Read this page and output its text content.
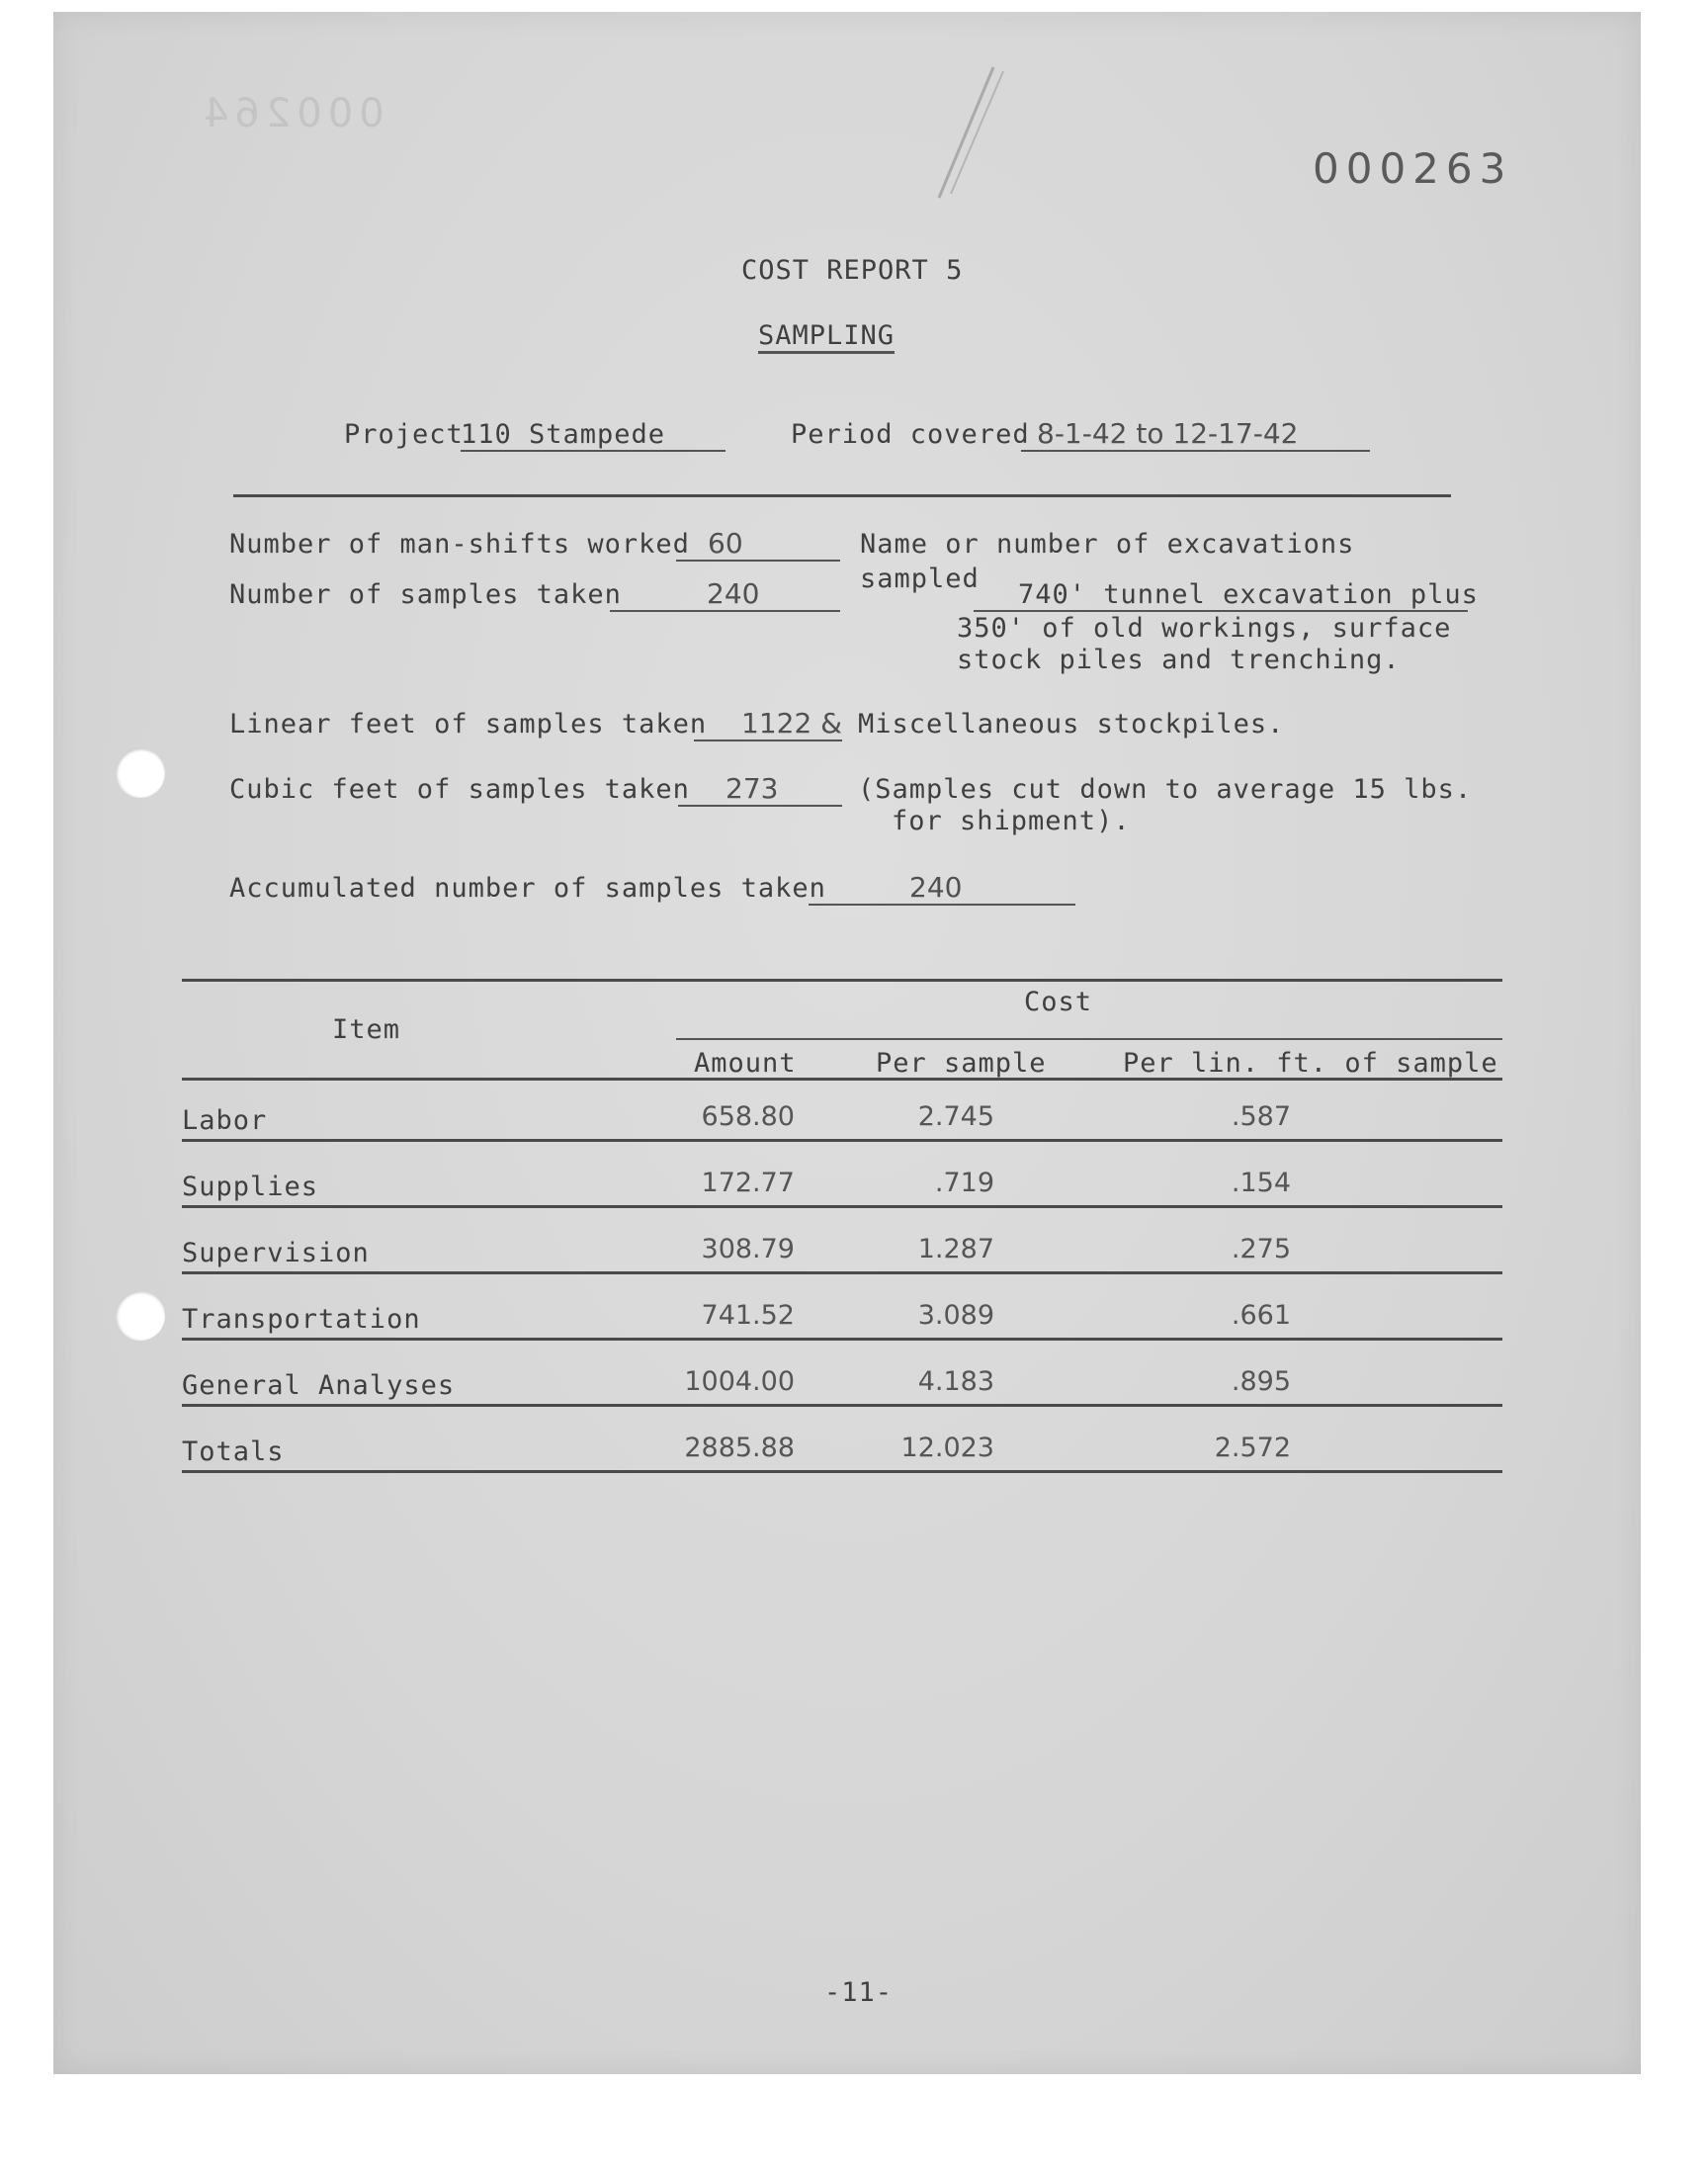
000264
000263
COST REPORT 5
SAMPLING
Project
110 Stampede	Period covered 8-1-42 to 12-17-42
Number of man-shifts worked 60
Number of samples taken	240
Name or number of excavations
sampled
740' tunnel excavation plus
350' of old workings, surface
stock piles and trenching.
Linear feet of samples taken	1122 & Miscellaneous stockpiles.
Cubic feet of samples taken	273	(Samples cut down to average 15 lbs.
for shipment).
Accumulated number of samples taken	240
Cost
Item
Amount	Per sample	Per lin. ft. of sample
Labor	658.80	2.745	.587
Supplies	172.77	.719	.154
Supervision	308.79	1.287	.275
Transportation	741.52	3.089	.661
General Analyses	1004.00	4.183	.895
Totals	2885.88	12.023	2.572
-11-
